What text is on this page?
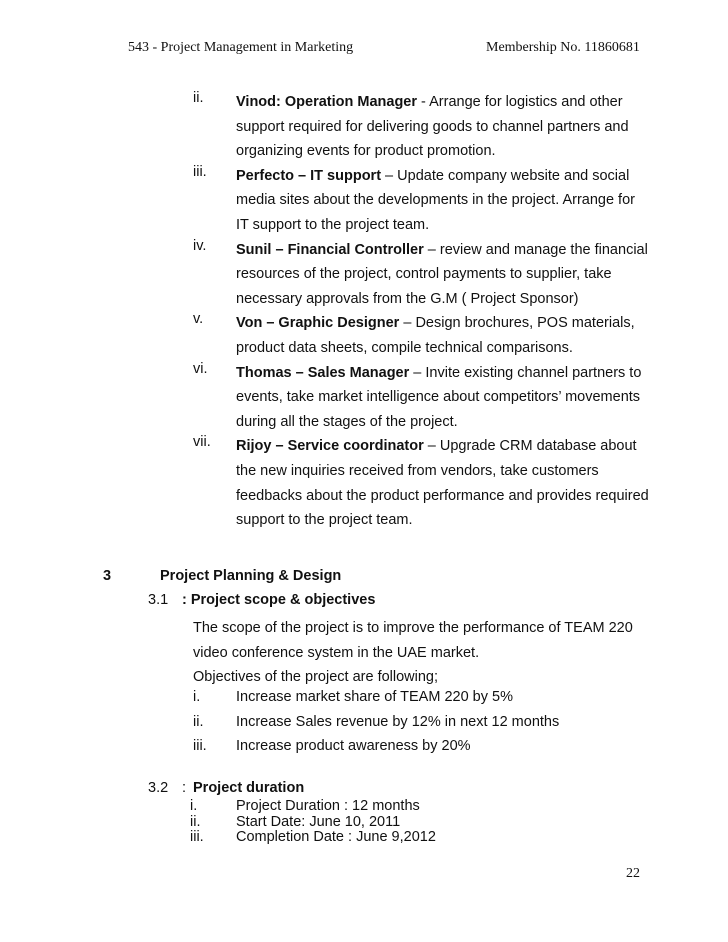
543 - Project Management in Marketing	Membership No. 11860681
ii. Vinod: Operation Manager - Arrange for logistics and other
support required for delivering goods to channel partners and
organizing events for product promotion.
iii. Perfecto – IT support – Update company website and social
media sites about the developments in the project. Arrange for
IT support to the project team.
iv. Sunil – Financial Controller – review and manage the financial
resources of the project, control payments to supplier, take
necessary approvals from the G.M ( Project Sponsor)
v. Von – Graphic Designer – Design brochures, POS materials,
product data sheets, compile technical comparisons.
vi. Thomas – Sales Manager – Invite existing channel partners to
events, take market intelligence about competitors’ movements
during all the stages of the project.
vii. Rijoy – Service coordinator – Upgrade CRM database about
the new inquiries received from vendors, take customers
feedbacks about the product performance and provides required
support to the project team.
3	Project Planning & Design
3.1 : Project scope & objectives
The scope of the project is to improve the performance of TEAM 220
video conference system in the UAE market.
Objectives of the project are following;
i. Increase market share of TEAM 220 by 5%
ii. Increase Sales revenue by 12% in next 12 months
iii. Increase product awareness by 20%
3.2 : Project duration
i.	Project Duration : 12 months
ii. Start Date: June 10, 2011
iii. Completion Date : June 9,2012
22
